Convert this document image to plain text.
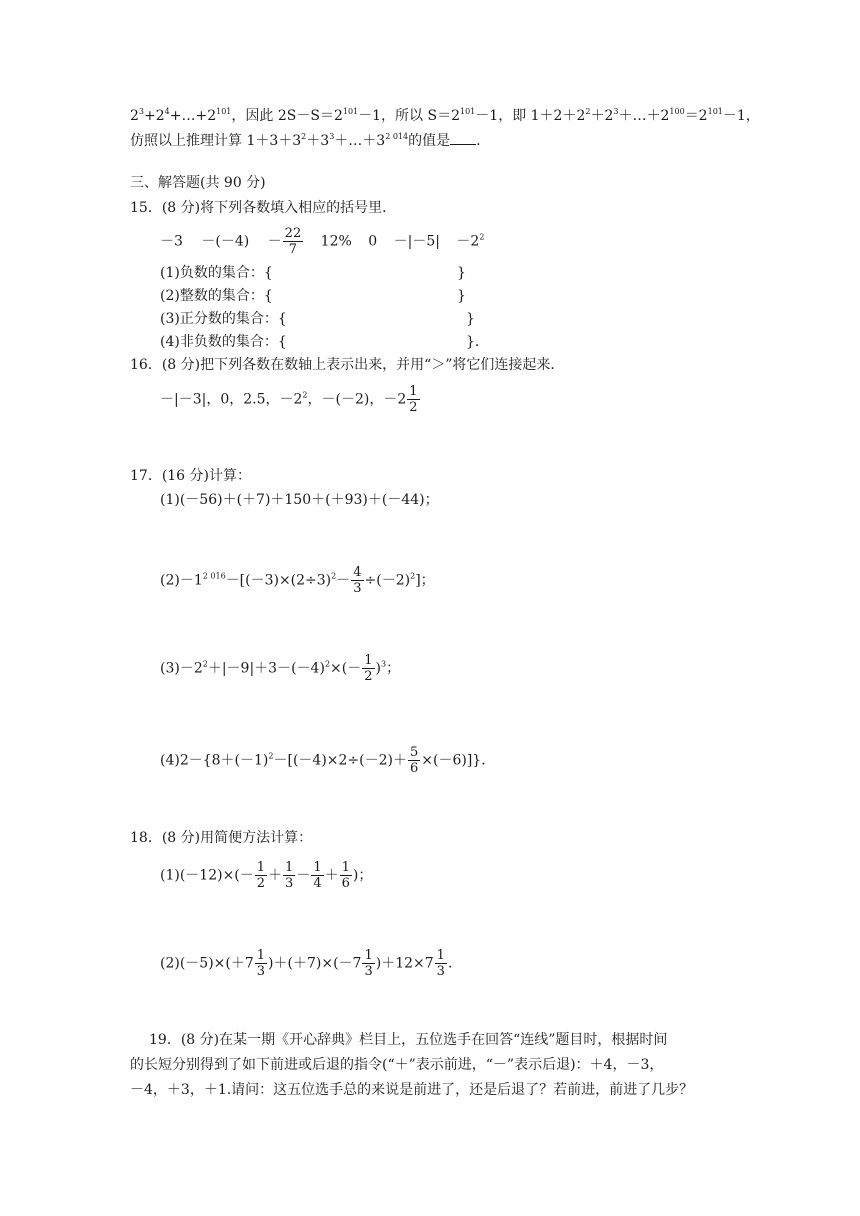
$2^3+2^4+\dots+2^{101}$，因此 $2S-S=2^{101}-1$，所以 $S=2^{101}-1$，即 $1+2+2^2+2^3+\dots+2^{100}=2^{101}-1$，
仿照以上推理计算 $1+3+3^2+3^3+\dots+3^{2 014}$的值是 .
三、解答题(共 90 分)
15．(8 分)将下列各数填入相应的括号里．
$-3 -(-4) - \frac{22}{7} 12\%$ $0 -|-5| -2^2$
(1)负数的集合：{	}
(2)整数的集合：{	}
(3)正分数的集合：{	}
(4)非负数的集合：{	}．
16．(8 分)把下列各数在数轴上表示出来，并用“＞”将它们连接起来．
－|－3|，0，2.5，$-2^2$，－(－2)，$-2 \frac{1}{2}$
17．(16 分)计算：
(1)(－56)＋(＋7)＋150＋(＋93)＋(－44)；
$(2)-1^{2 016}-[(-3)\times(2\div 3)^2- \frac{4}{3} \div(-2)^2]$；
$(3)-2^2+|-9|+3-(-4)^2\times(- \frac{1}{2} )^3$；
$(4)2-\{8+(-1)^2-[(-4)\times 2\div(-2)+ \frac{5}{6} \times(-6)]\}$．
18．(8 分)用简便方法计算：
$(1)(-12)\times(- \frac{1}{2} + \frac{1}{3} - \frac{1}{4} + \frac{1}{6}$ )；
$(2)(-5)\times(+7 \frac{1}{3} )+(+7)\times(-7 \frac{1}{3} )+12\times 7 \frac{1}{3}$ .
19．(8 分)在某一期《开心辞典》栏目上，五位选手在回答“连线”题目时，根据时间
的长短分别得到了如下前进或后退的指令(“＋”表示前进，“－”表示后退)：＋4，－3，
－4，＋3，＋1.请问：这五位选手总的来说是前进了，还是后退了？若前进，前进了几步？
